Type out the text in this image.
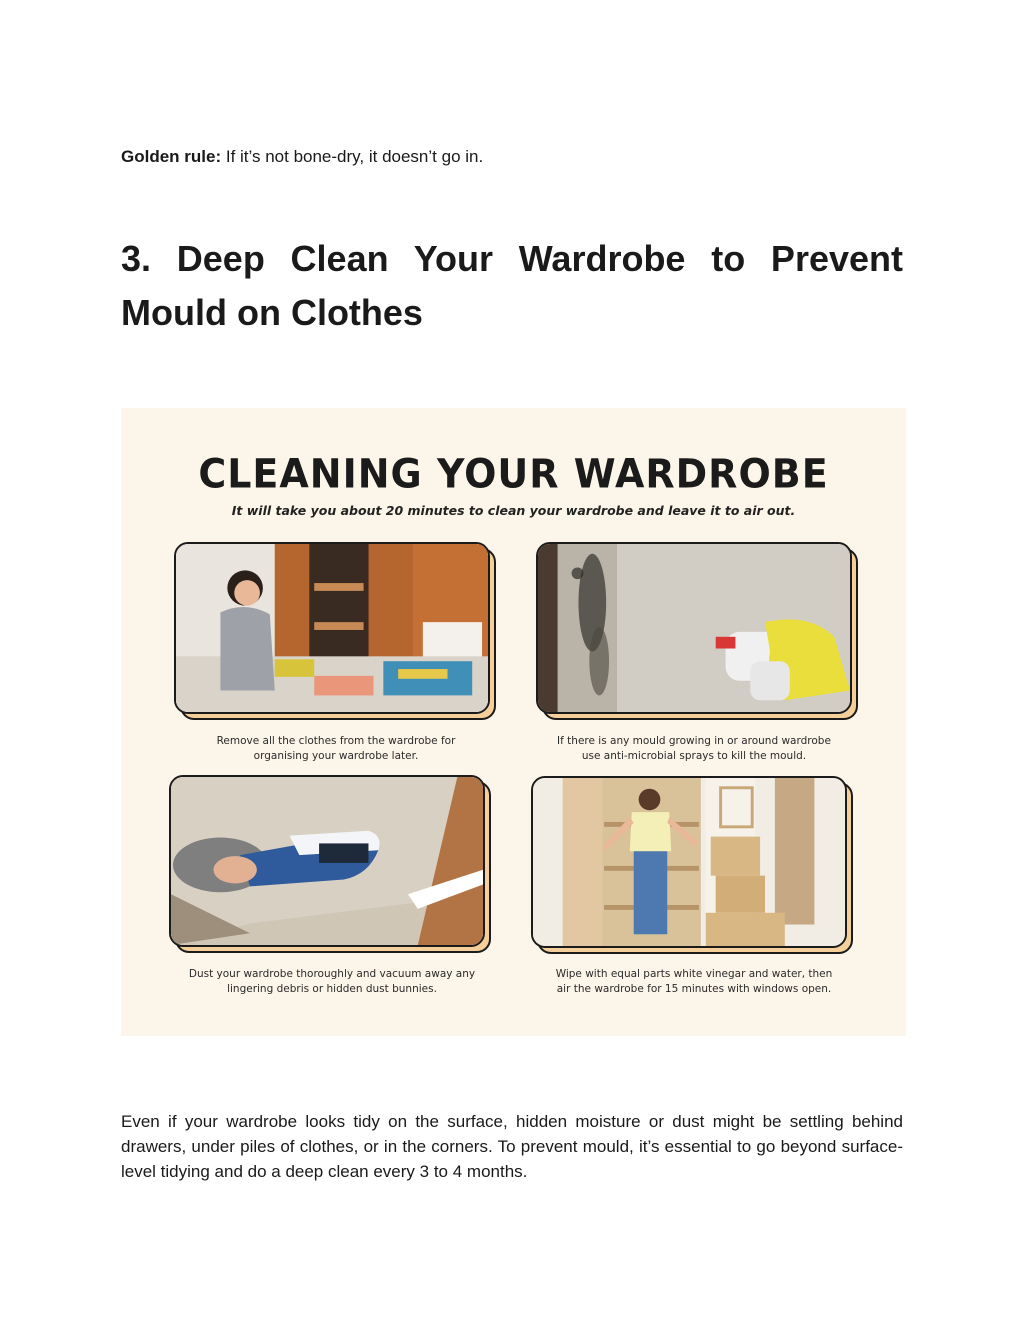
Golden rule: If it’s not bone-dry, it doesn’t go in.
3. Deep Clean Your Wardrobe to Prevent Mould on Clothes
CLEANING YOUR WARDROBE
It will take you about 20 minutes to clean your wardrobe and leave it to air out.
Remove all the clothes from the wardrobe for
organising your wardrobe later.
If there is any mould growing in or around wardrobe
use anti-microbial sprays to kill the mould.
Dust your wardrobe thoroughly and vacuum away any
lingering debris or hidden dust bunnies.
Wipe with equal parts white vinegar and water, then
air the wardrobe for 15 minutes with windows open.

Even if your wardrobe looks tidy on the surface, hidden moisture or dust might be settling behind drawers, under piles of clothes, or in the corners. To prevent mould, it’s essential to go beyond surface-level tidying and do a deep clean every 3 to 4 months.
